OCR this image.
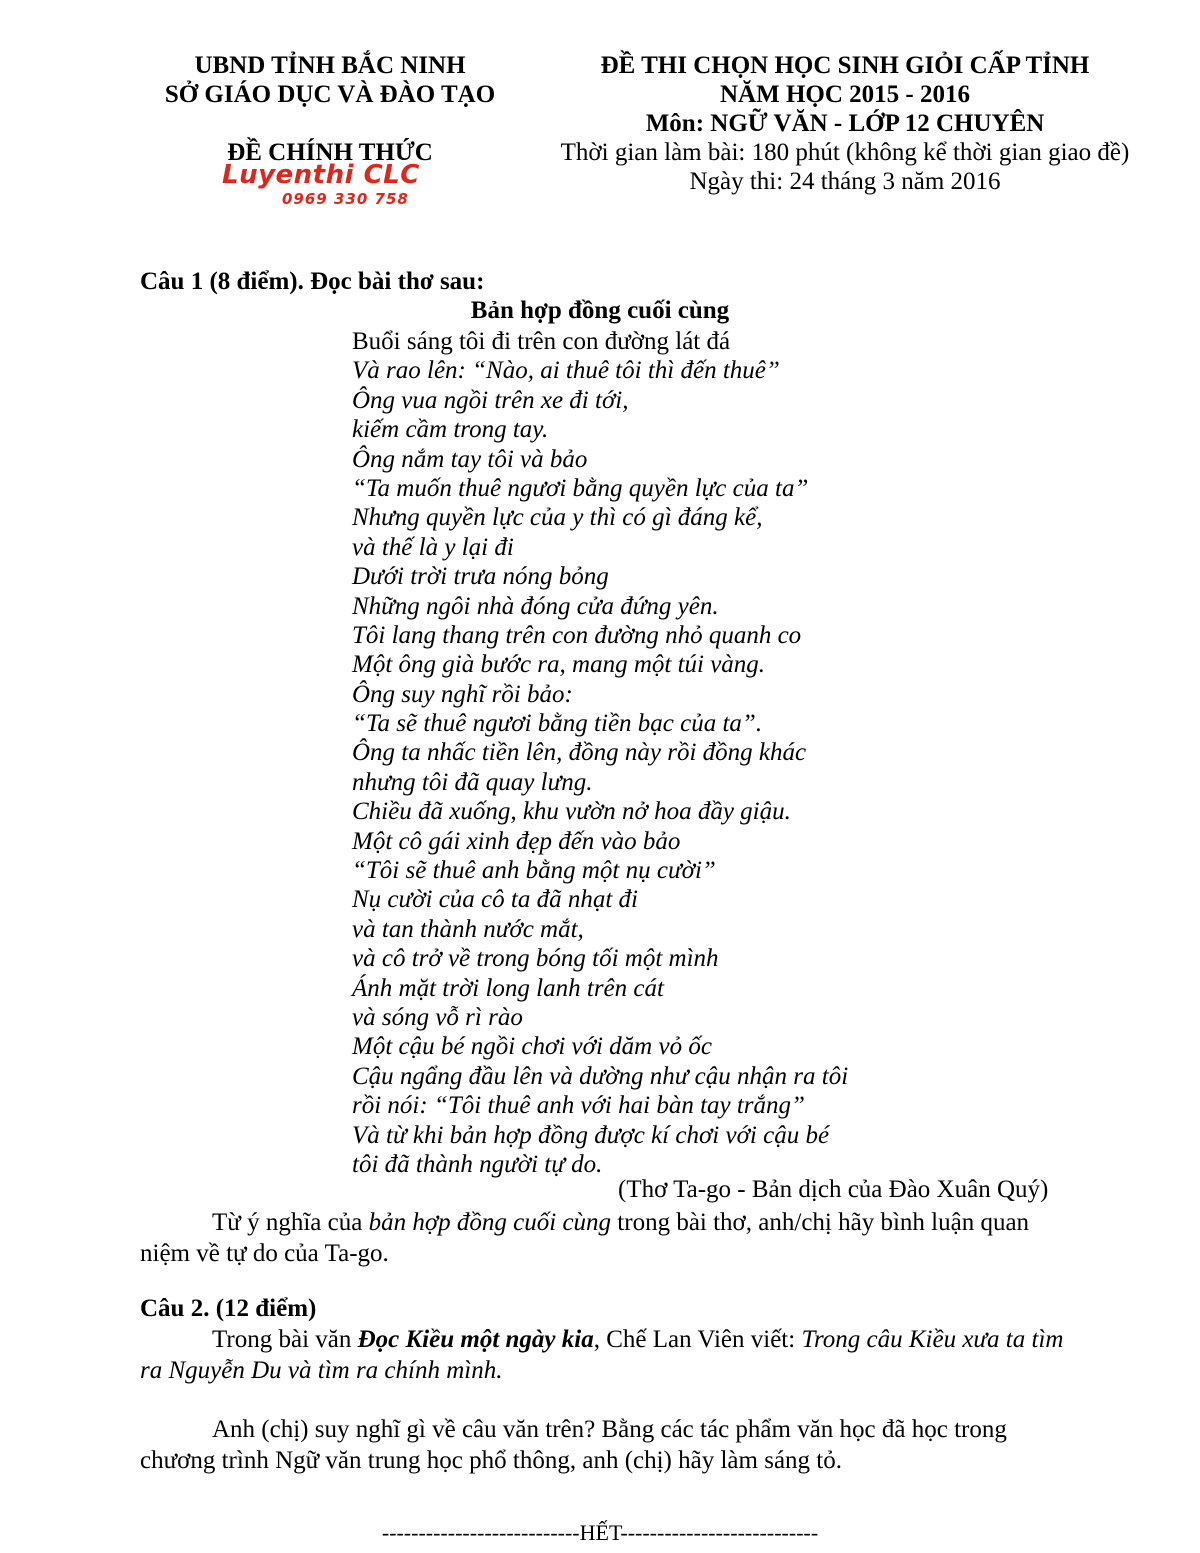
UBND TỈNH BẮC NINH
SỞ GIÁO DỤC VÀ ĐÀO TẠO
ĐỀ CHÍNH THỨC
Luyenthi CLC
0969 330 758
ĐỀ THI CHỌN HỌC SINH GIỎI CẤP TỈNH
NĂM HỌC 2015 - 2016
Môn: NGỮ VĂN - LỚP 12 CHUYÊN
Thời gian làm bài: 180 phút (không kể thời gian giao đề)
Ngày thi: 24 tháng 3 năm 2016
Câu 1 (8 điểm). Đọc bài thơ sau:
Bản hợp đồng cuối cùng
Buổi sáng tôi đi trên con đường lát đá
Và rao lên: “Nào, ai thuê tôi thì đến thuê”
Ông vua ngồi trên xe đi tới,
kiếm cầm trong tay.
Ông nắm tay tôi và bảo
“Ta muốn thuê ngươi bằng quyền lực của ta”
Nhưng quyền lực của y thì có gì đáng kể,
và thế là y lại đi
Dưới trời trưa nóng bỏng
Những ngôi nhà đóng cửa đứng yên.
Tôi lang thang trên con đường nhỏ quanh co
Một ông già bước ra, mang một túi vàng.
Ông suy nghĩ rồi bảo:
“Ta sẽ thuê ngươi bằng tiền bạc của ta”.
Ông ta nhấc tiền lên, đồng này rồi đồng khác
nhưng tôi đã quay lưng.
Chiều đã xuống, khu vườn nở hoa đầy giậu.
Một cô gái xinh đẹp đến vào bảo
“Tôi sẽ thuê anh bằng một nụ cười”
Nụ cười của cô ta đã nhạt đi
và tan thành nước mắt,
và cô trở về trong bóng tối một mình
Ánh mặt trời long lanh trên cát
và sóng vỗ rì rào
Một cậu bé ngồi chơi với dăm vỏ ốc
Cậu ngẩng đầu lên và dường như cậu nhận ra tôi
rồi nói: “Tôi thuê anh với hai bàn tay trắng”
Và từ khi bản hợp đồng được kí chơi với cậu bé
tôi đã thành người tự do.
(Thơ Ta-go - Bản dịch của Đào Xuân Quý)
Từ ý nghĩa của bản hợp đồng cuối cùng trong bài thơ, anh/chị hãy bình luận quan niệm về tự do của Ta-go.
Câu 2. (12 điểm)
Trong bài văn Đọc Kiều một ngày kia, Chế Lan Viên viết: Trong câu Kiều xưa ta tìm ra Nguyễn Du và tìm ra chính mình.
Anh (chị) suy nghĩ gì về câu văn trên? Bằng các tác phẩm văn học đã học trong chương trình Ngữ văn trung học phổ thông, anh (chị) hãy làm sáng tỏ.
---------------------------HẾT---------------------------
